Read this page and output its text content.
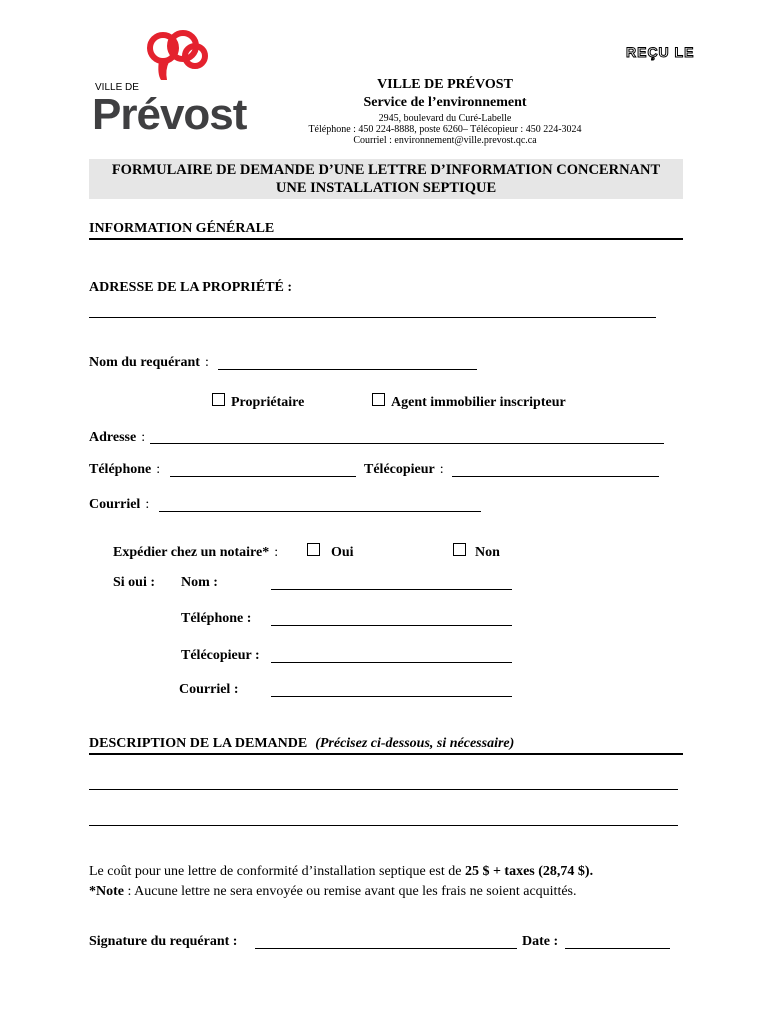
REÇU LE
VILLE DE
Prévost
VILLE DE PRÉVOST
Service de l’environnement
2945, boulevard du Curé-Labelle
Téléphone : 450 224-8888, poste 6260– Télécopieur : 450 224-3024
Courriel : environnement@ville.prevost.qc.ca
FORMULAIRE DE DEMANDE D’UNE LETTRE D’INFORMATION CONCERNANT
UNE INSTALLATION SEPTIQUE
INFORMATION GÉNÉRALE
ADRESSE DE LA PROPRIÉTÉ :
Nom du requérant :
Propriétaire	Agent immobilier inscripteur
Adresse :
Téléphone :	Télécopieur :
Courriel :
Expédier chez un notaire* :	Oui	Non
Si oui : Nom :
Téléphone :
Télécopieur :
Courriel :
DESCRIPTION DE LA DEMANDE (Précisez ci-dessous, si nécessaire)
Le coût pour une lettre de conformité d’installation septique est de 25 $ + taxes (28,74 $).
*Note : Aucune lettre ne sera envoyée ou remise avant que les frais ne soient acquittés.
Signature du requérant :	Date :
